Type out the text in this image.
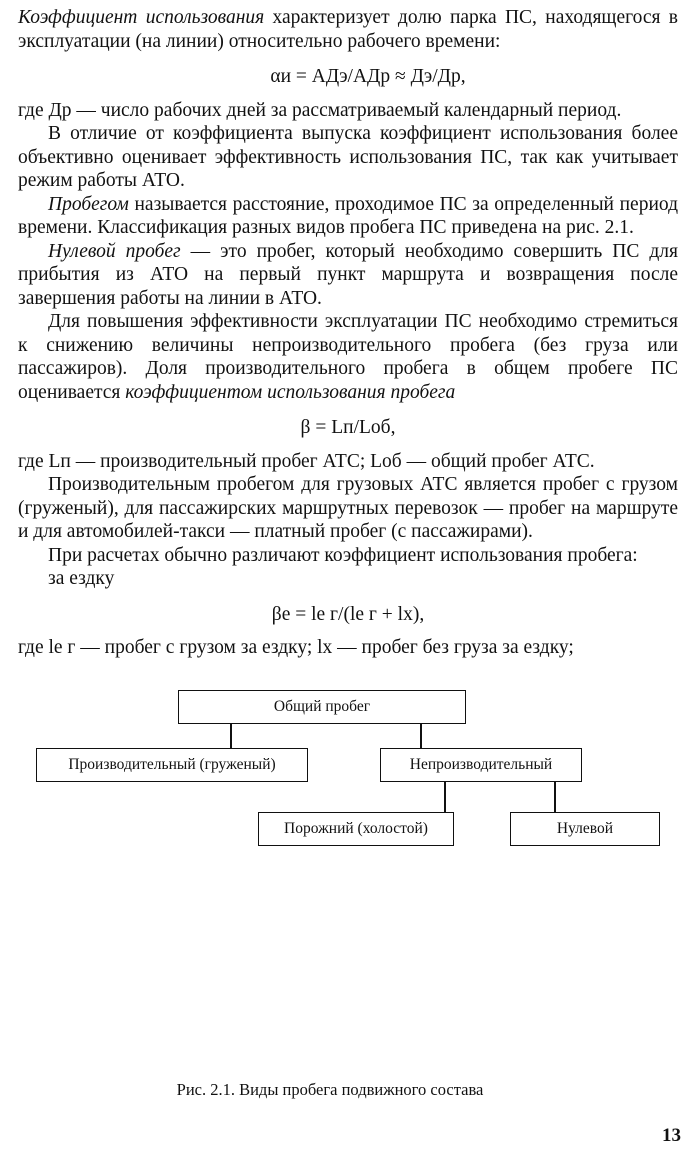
Коэффициент использования характеризует долю парка ПС, находящегося в эксплуатации (на линии) относительно рабочего времени:

αи = АДэ/АДр ≈ Дэ/Др,

где Др — число рабочих дней за рассматриваемый календарный период.

В отличие от коэффициента выпуска коэффициент использования более объективно оценивает эффективность использования ПС, так как учитывает режим работы АТО.

Пробегом называется расстояние, проходимое ПС за определенный период времени. Классификация разных видов пробега ПС приведена на рис. 2.1.

Нулевой пробег — это пробег, который необходимо совершить ПС для прибытия из АТО на первый пункт маршрута и возвращения после завершения работы на линии в АТО.

Для повышения эффективности эксплуатации ПС необходимо стремиться к снижению величины непроизводительного пробега (без груза или пассажиров). Доля производительного пробега в общем пробеге ПС оценивается коэффициентом использования пробега

β = Lп/Lоб,

где Lп — производительный пробег АТС; Lоб — общий пробег АТС.

Производительным пробегом для грузовых АТС является пробег с грузом (груженый), для пассажирских маршрутных перевозок — пробег на маршруте и для автомобилей-такси — платный пробег (с пассажирами).

При расчетах обычно различают коэффициент использования пробега:

за ездку

βе = lе г/(lе г + lx),

где lе г — пробег с грузом за ездку; lx — пробег без груза за ездку;

Общий пробег
Производительный (груженый)	Непроизводительный
Порожний (холостой)	Нулевой
Рис. 2.1. Виды пробега подвижного состава
13
